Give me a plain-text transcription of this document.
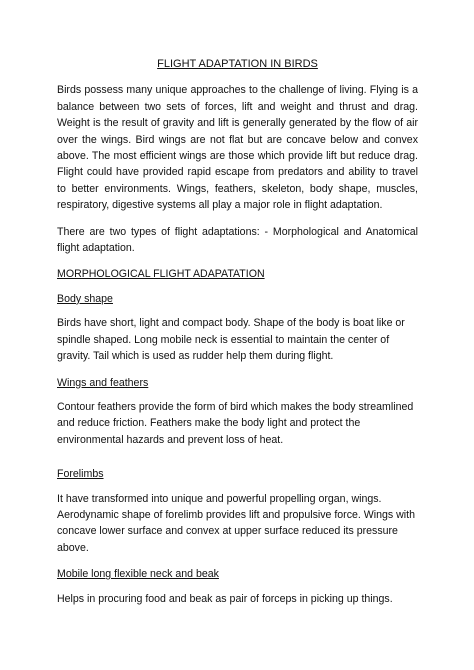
FLIGHT ADAPTATION IN BIRDS

Birds possess many unique approaches to the challenge of living. Flying is a balance between two sets of forces, lift and weight and thrust and drag. Weight is the result of gravity and lift is generally generated by the flow of air over the wings. Bird wings are not flat but are concave below and convex above. The most efficient wings are those which provide lift but reduce drag. Flight could have provided rapid escape from predators and ability to travel to better environments. Wings, feathers, skeleton, body shape, muscles, respiratory, digestive systems all play a major role in flight adaptation.

There are two types of flight adaptations: - Morphological and Anatomical flight adaptation.

MORPHOLOGICAL FLIGHT ADAPATATION
Body shape

Birds have short, light and compact body. Shape of the body is boat like or spindle shaped. Long mobile neck is essential to maintain the center of gravity. Tail which is used as rudder help them during flight.

Wings and feathers

Contour feathers provide the form of bird which makes the body streamlined and reduce friction. Feathers make the body light and protect the environmental hazards and prevent loss of heat.

Forelimbs

It have transformed into unique and powerful propelling organ, wings. Aerodynamic shape of forelimb provides lift and propulsive force. Wings with concave lower surface and convex at upper surface reduced its pressure above.

Mobile long flexible neck and beak

Helps in procuring food and beak as pair of forceps in picking up things.
